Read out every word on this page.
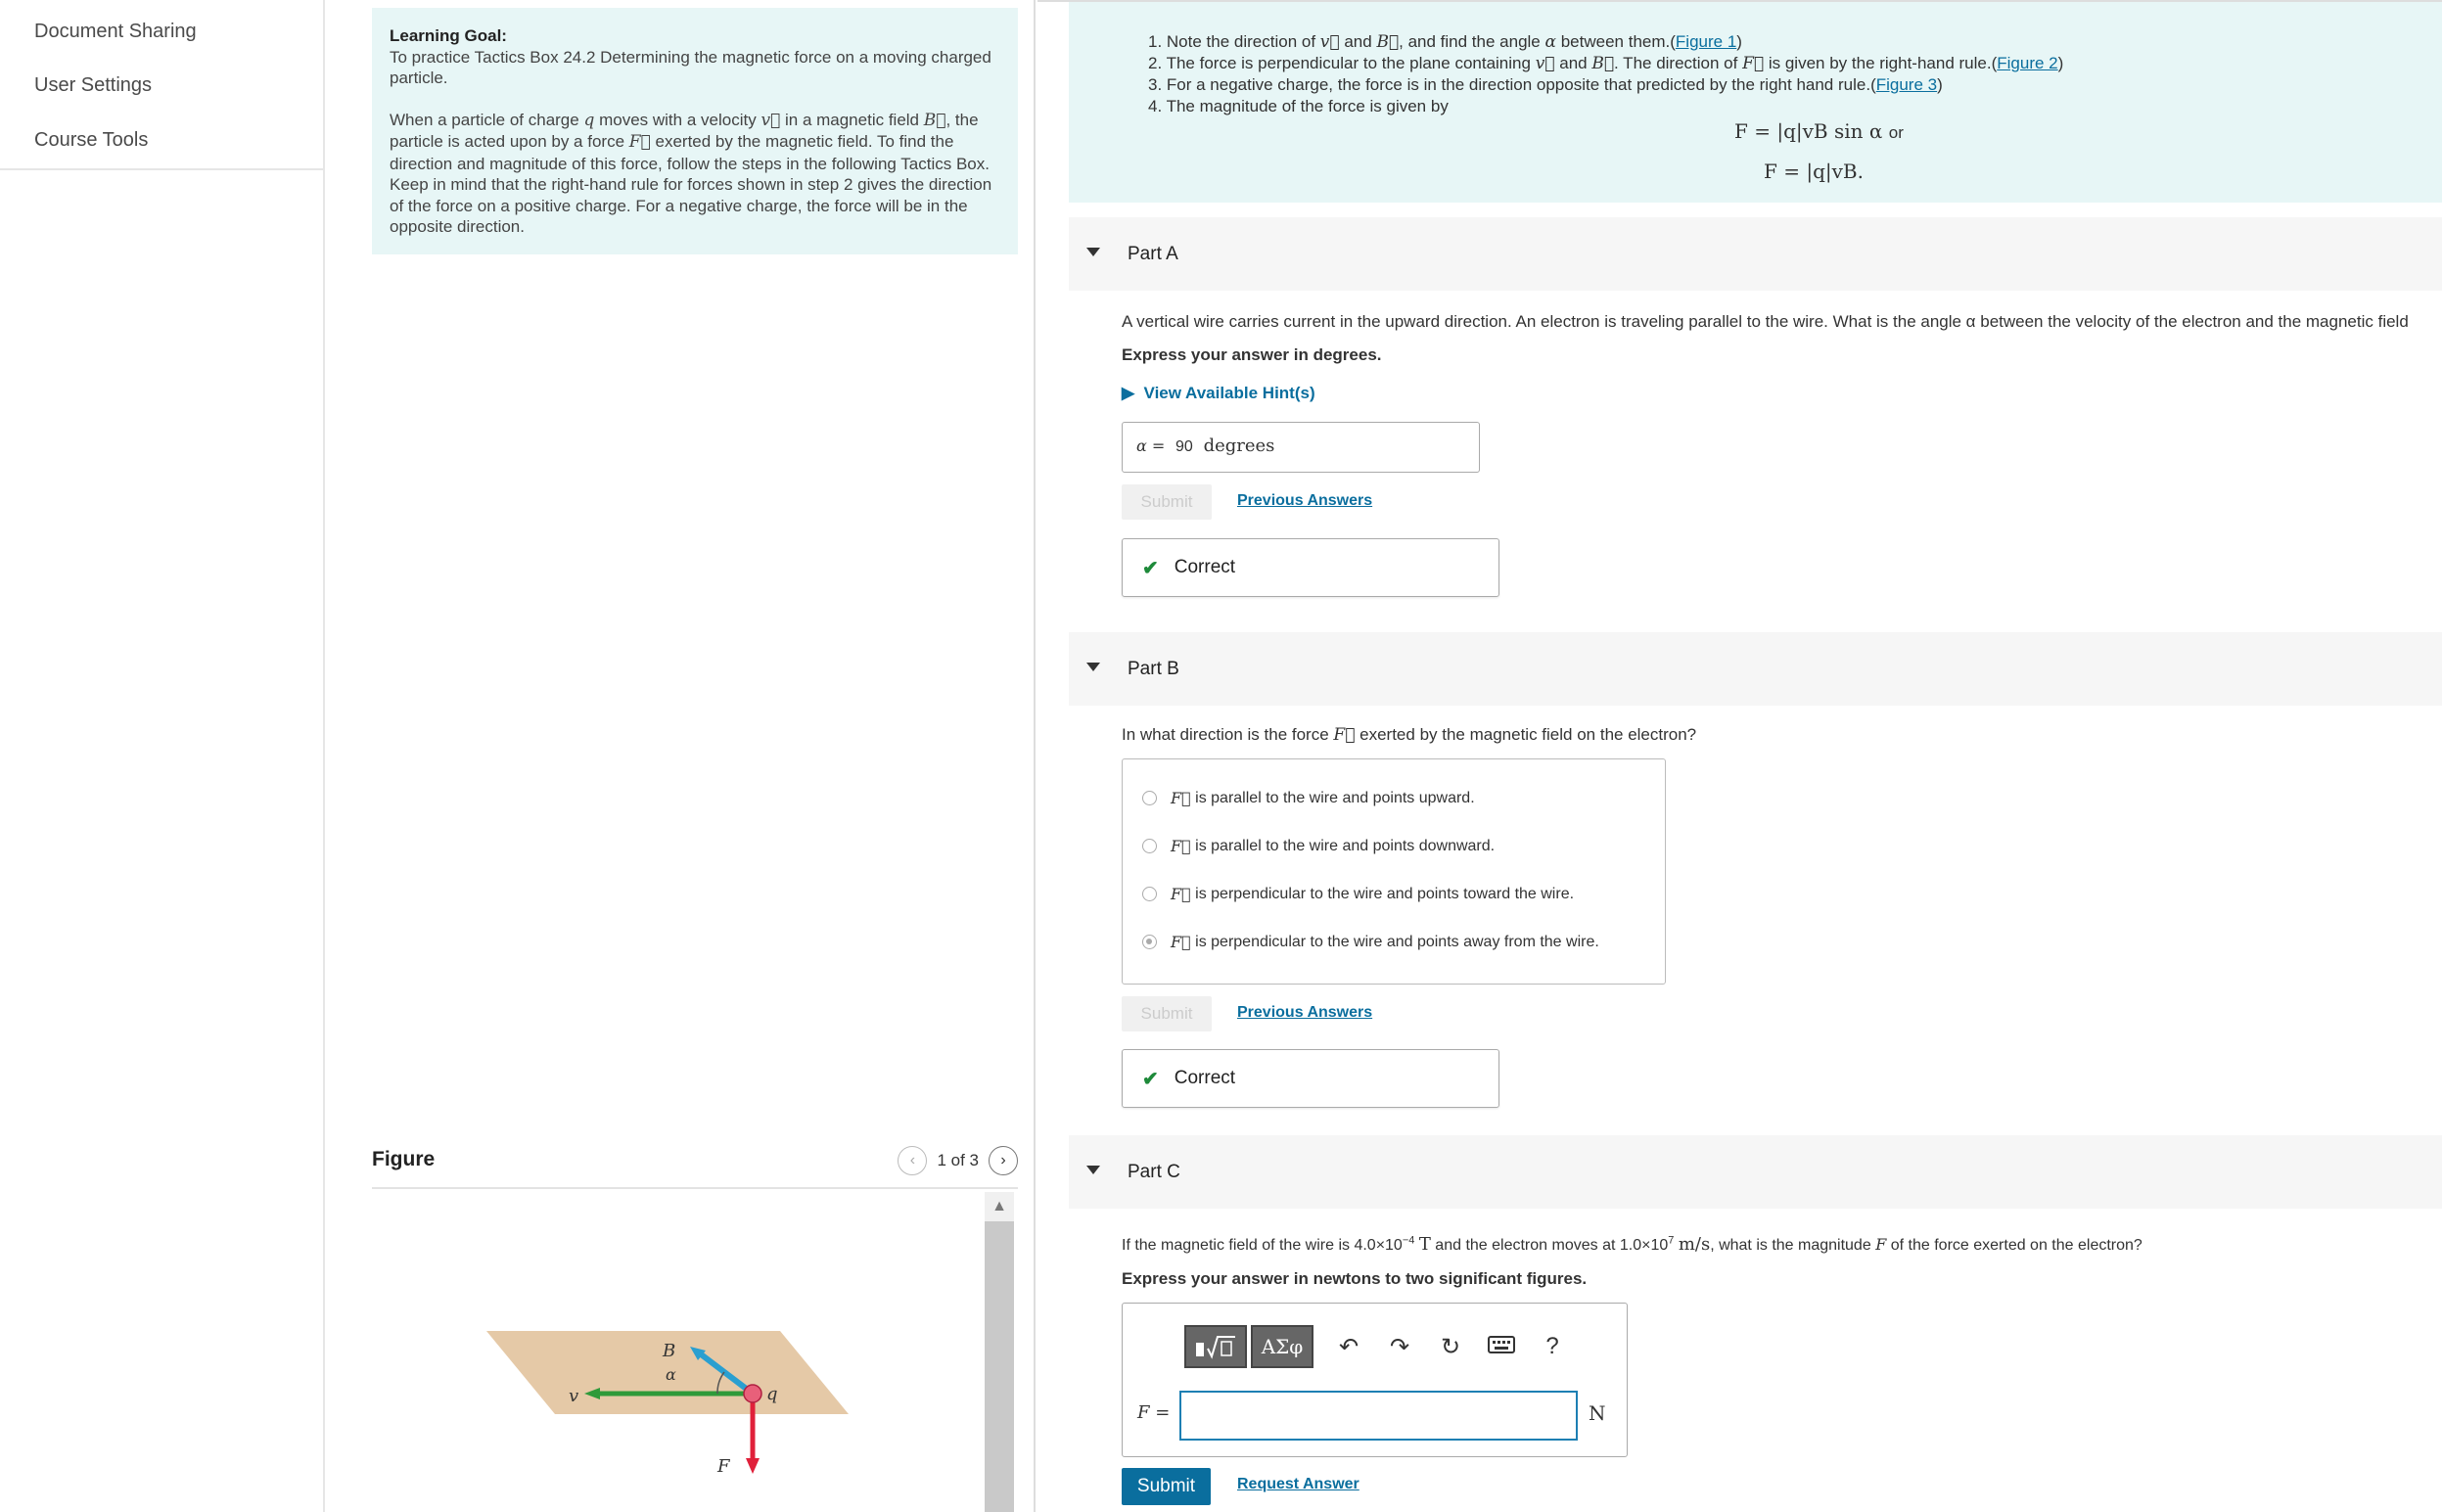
Document Sharing
User Settings
Course Tools
Learning Goal:
To practice Tactics Box 24.2 Determining the magnetic force on a moving charged particle.
When a particle of charge q moves with a velocity v⃗ in a magnetic field B⃗, the particle is acted upon by a force F⃗ exerted by the magnetic field. To find the direction and magnitude of this force, follow the steps in the following Tactics Box. Keep in mind that the right-hand rule for forces shown in step 2 gives the direction of the force on a positive charge. For a negative charge, the force will be in the opposite direction.
Figure	‹	1 of 3	›
▲
B
α
v	q
F
1. Note the direction of v⃗ and B⃗, and find the angle α between them.(Figure 1)
2. The force is perpendicular to the plane containing v⃗ and B⃗. The direction of F⃗ is given by the right-hand rule.(Figure 2)
3. For a negative charge, the force is in the direction opposite that predicted by the right hand rule.(Figure 3)
4. The magnitude of the force is given by
F = |q|vB sin α or
F = |q|vB.
Part A
A vertical wire carries current in the upward direction. An electron is traveling parallel to the wire. What is the angle α between the velocity of the electron and the magnetic field
Express your answer in degrees.
▶  View Available Hint(s)
α = 90 degrees
Submit	Previous Answers
✔ Correct
Part B
In what direction is the force F⃗ exerted by the magnetic field on the electron?
F⃗
is parallel to the wire and points upward.
F⃗
is parallel to the wire and points downward.
F⃗
is perpendicular to the wire and points toward the wire.
F⃗
is perpendicular to the wire and points away from the wire.
Submit	Previous Answers
✔ Correct
Part C
If the magnetic field of the wire is $4.0\times 10^{-4}$ T and the electron moves at $1.0\times 10^7$ m/s, what is the magnitude F of the force exerted on the electron?
Express your answer in newtons to two significant figures.
ΑΣφ	↶	↷	↻	?
F =	N
Submit	Request Answer
